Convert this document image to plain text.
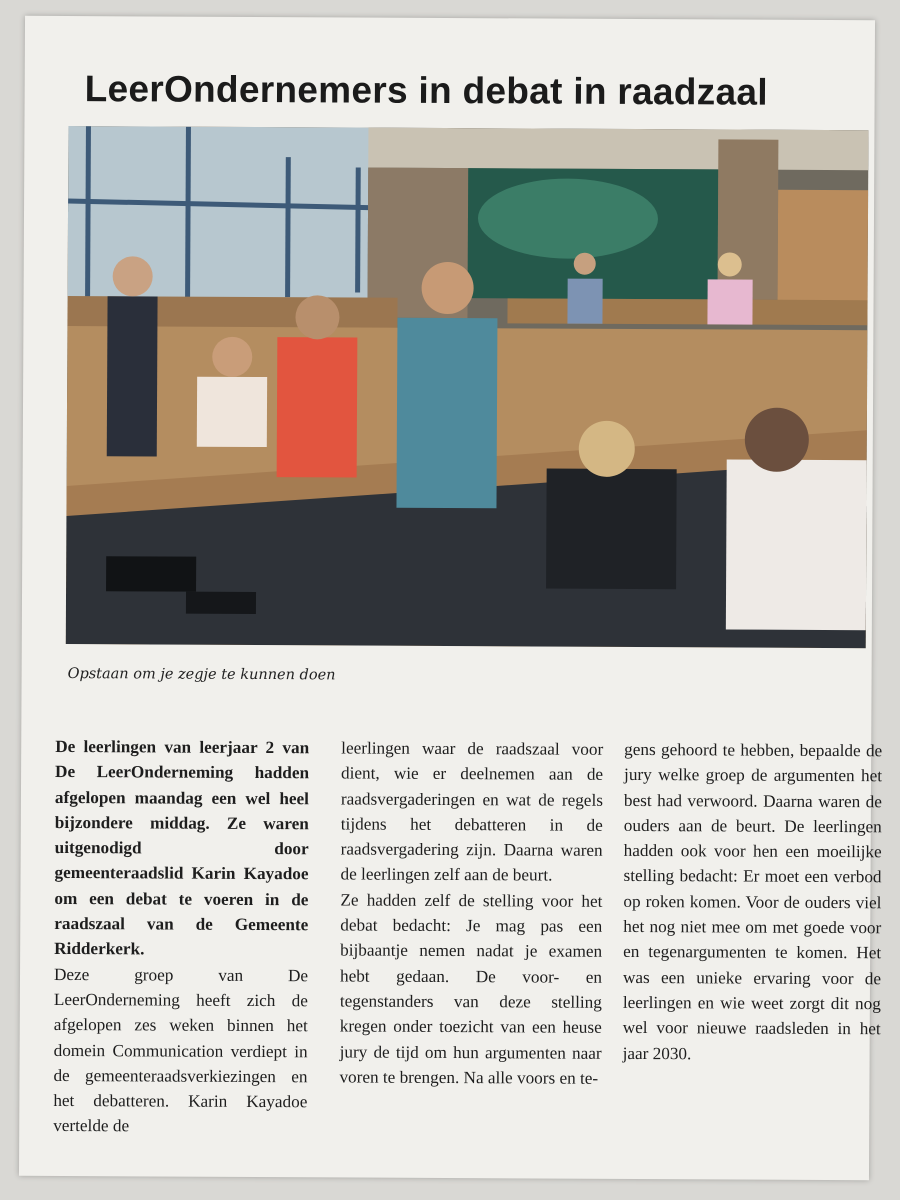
LeerOndernemers in debat in raadzaal
Opstaan om je zegje te kunnen doen

De leerlingen van leerjaar 2 van De LeerOnderneming hadden afgelopen maandag een wel heel bijzondere middag. Ze waren uitgenodigd door gemeenteraadslid Karin Kayadoe om een debat te voeren in de raadszaal van de Gemeente Ridderkerk.

Deze groep van De LeerOnderneming heeft zich de afgelopen zes weken binnen het domein Communication verdiept in de gemeenteraadsverkiezingen en het debatteren. Karin Kayadoe vertelde de

leerlingen waar de raadszaal voor dient, wie er deelnemen aan de raadsvergaderingen en wat de regels tijdens het debatteren in de raadsvergadering zijn. Daarna waren de leerlingen zelf aan de beurt.

Ze hadden zelf de stelling voor het debat bedacht: Je mag pas een bijbaantje nemen nadat je examen hebt gedaan. De voor- en tegenstanders van deze stelling kregen onder toezicht van een heuse jury de tijd om hun argumenten naar voren te brengen. Na alle voors en te-

gens gehoord te hebben, bepaalde de jury welke groep de argumenten het best had verwoord. Daarna waren de ouders aan de beurt. De leerlingen hadden ook voor hen een moeilijke stelling bedacht: Er moet een verbod op roken komen. Voor de ouders viel het nog niet mee om met goede voor en tegenargumenten te komen. Het was een unieke ervaring voor de leerlingen en wie weet zorgt dit nog wel voor nieuwe raadsleden in het jaar 2030.
